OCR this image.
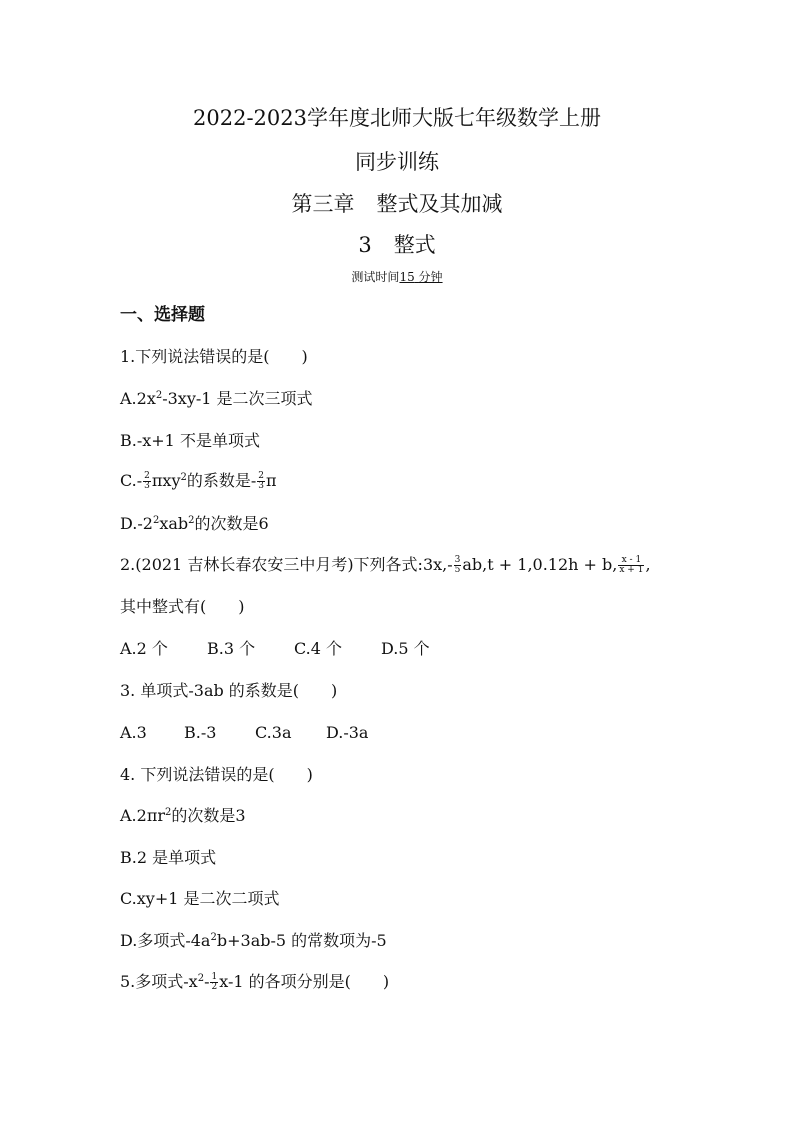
2022-2023学年度北师大版七年级数学上册
同步训练
第三章 整式及其加减
3 整式
测试时间15 分钟
一、选择题
1.下列说法错误的是(　　)
$A.2x^2-3xy-1$ 是二次三项式
B.-x+1 不是单项式
$C.- \frac{2}{3} \pi xy^2$的系数是- $\frac{2}{3}$ π
$D.-2^2xab^2$的次数是6
2.(2021 吉林长春农安三中月考)下列各式:3x,- $\frac{3}{5} ab,t + 1,0.12h + b$, $\frac{x - 1}{x + 1}$ ,
其中整式有(　　)
A.2 个 B.3 个 C.4 个 D.5 个
3. 单项式-3ab 的系数是(　　)
A.3 B.-3 C.3a D.-3a
4. 下列说法错误的是(　　)
$A.2\pi r^2$的次数是3
B.2 是单项式
C.xy+1 是二次二项式
D.多项式$-4a^2b+3ab-5$ 的常数项为-5
5.多项式$-x^2- \frac{1}{2} x-1$ 的各项分别是(　　)
